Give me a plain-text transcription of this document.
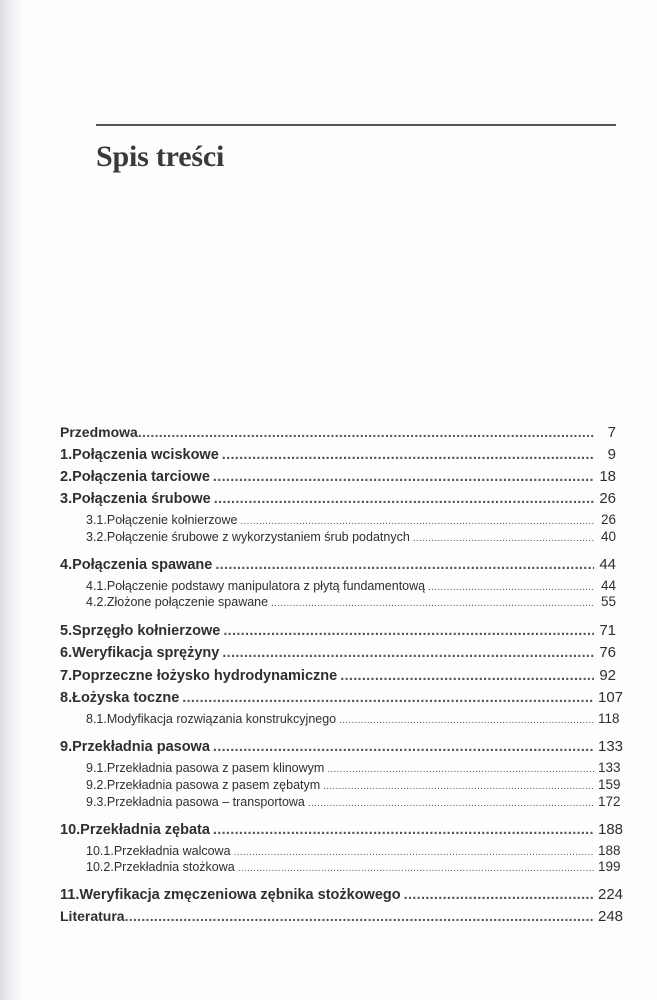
Spis treści
Przedmowa .....	7
1. Połączenia wciskowe .....	9
2. Połączenia tarciowe .....	18
3. Połączenia śrubowe .....	26
3.1. Połączenie kołnierzowe .....	26
3.2. Połączenie śrubowe z wykorzystaniem śrub podatnych .....	40
4. Połączenia spawane .....	44
4.1. Połączenie podstawy manipulatora z płytą fundamentową .....	44
4.2. Złożone połączenie spawane .....	55
5. Sprzęgło kołnierzowe .....	71
6. Weryfikacja sprężyny .....	76
7. Poprzeczne łożysko hydrodynamiczne .....	92
8. Łożyska toczne .....	107
8.1. Modyfikacja rozwiązania konstrukcyjnego .....	118
9. Przekładnia pasowa .....	133
9.1. Przekładnia pasowa z pasem klinowym .....	133
9.2. Przekładnia pasowa z pasem zębatym .....	159
9.3. Przekładnia pasowa – transportowa .....	172
10. Przekładnia zębata .....	188
10.1. Przekładnia walcowa .....	188
10.2. Przekładnia stożkowa .....	199
11. Weryfikacja zmęczeniowa zębnika stożkowego .....	224
Literatura .....	248
